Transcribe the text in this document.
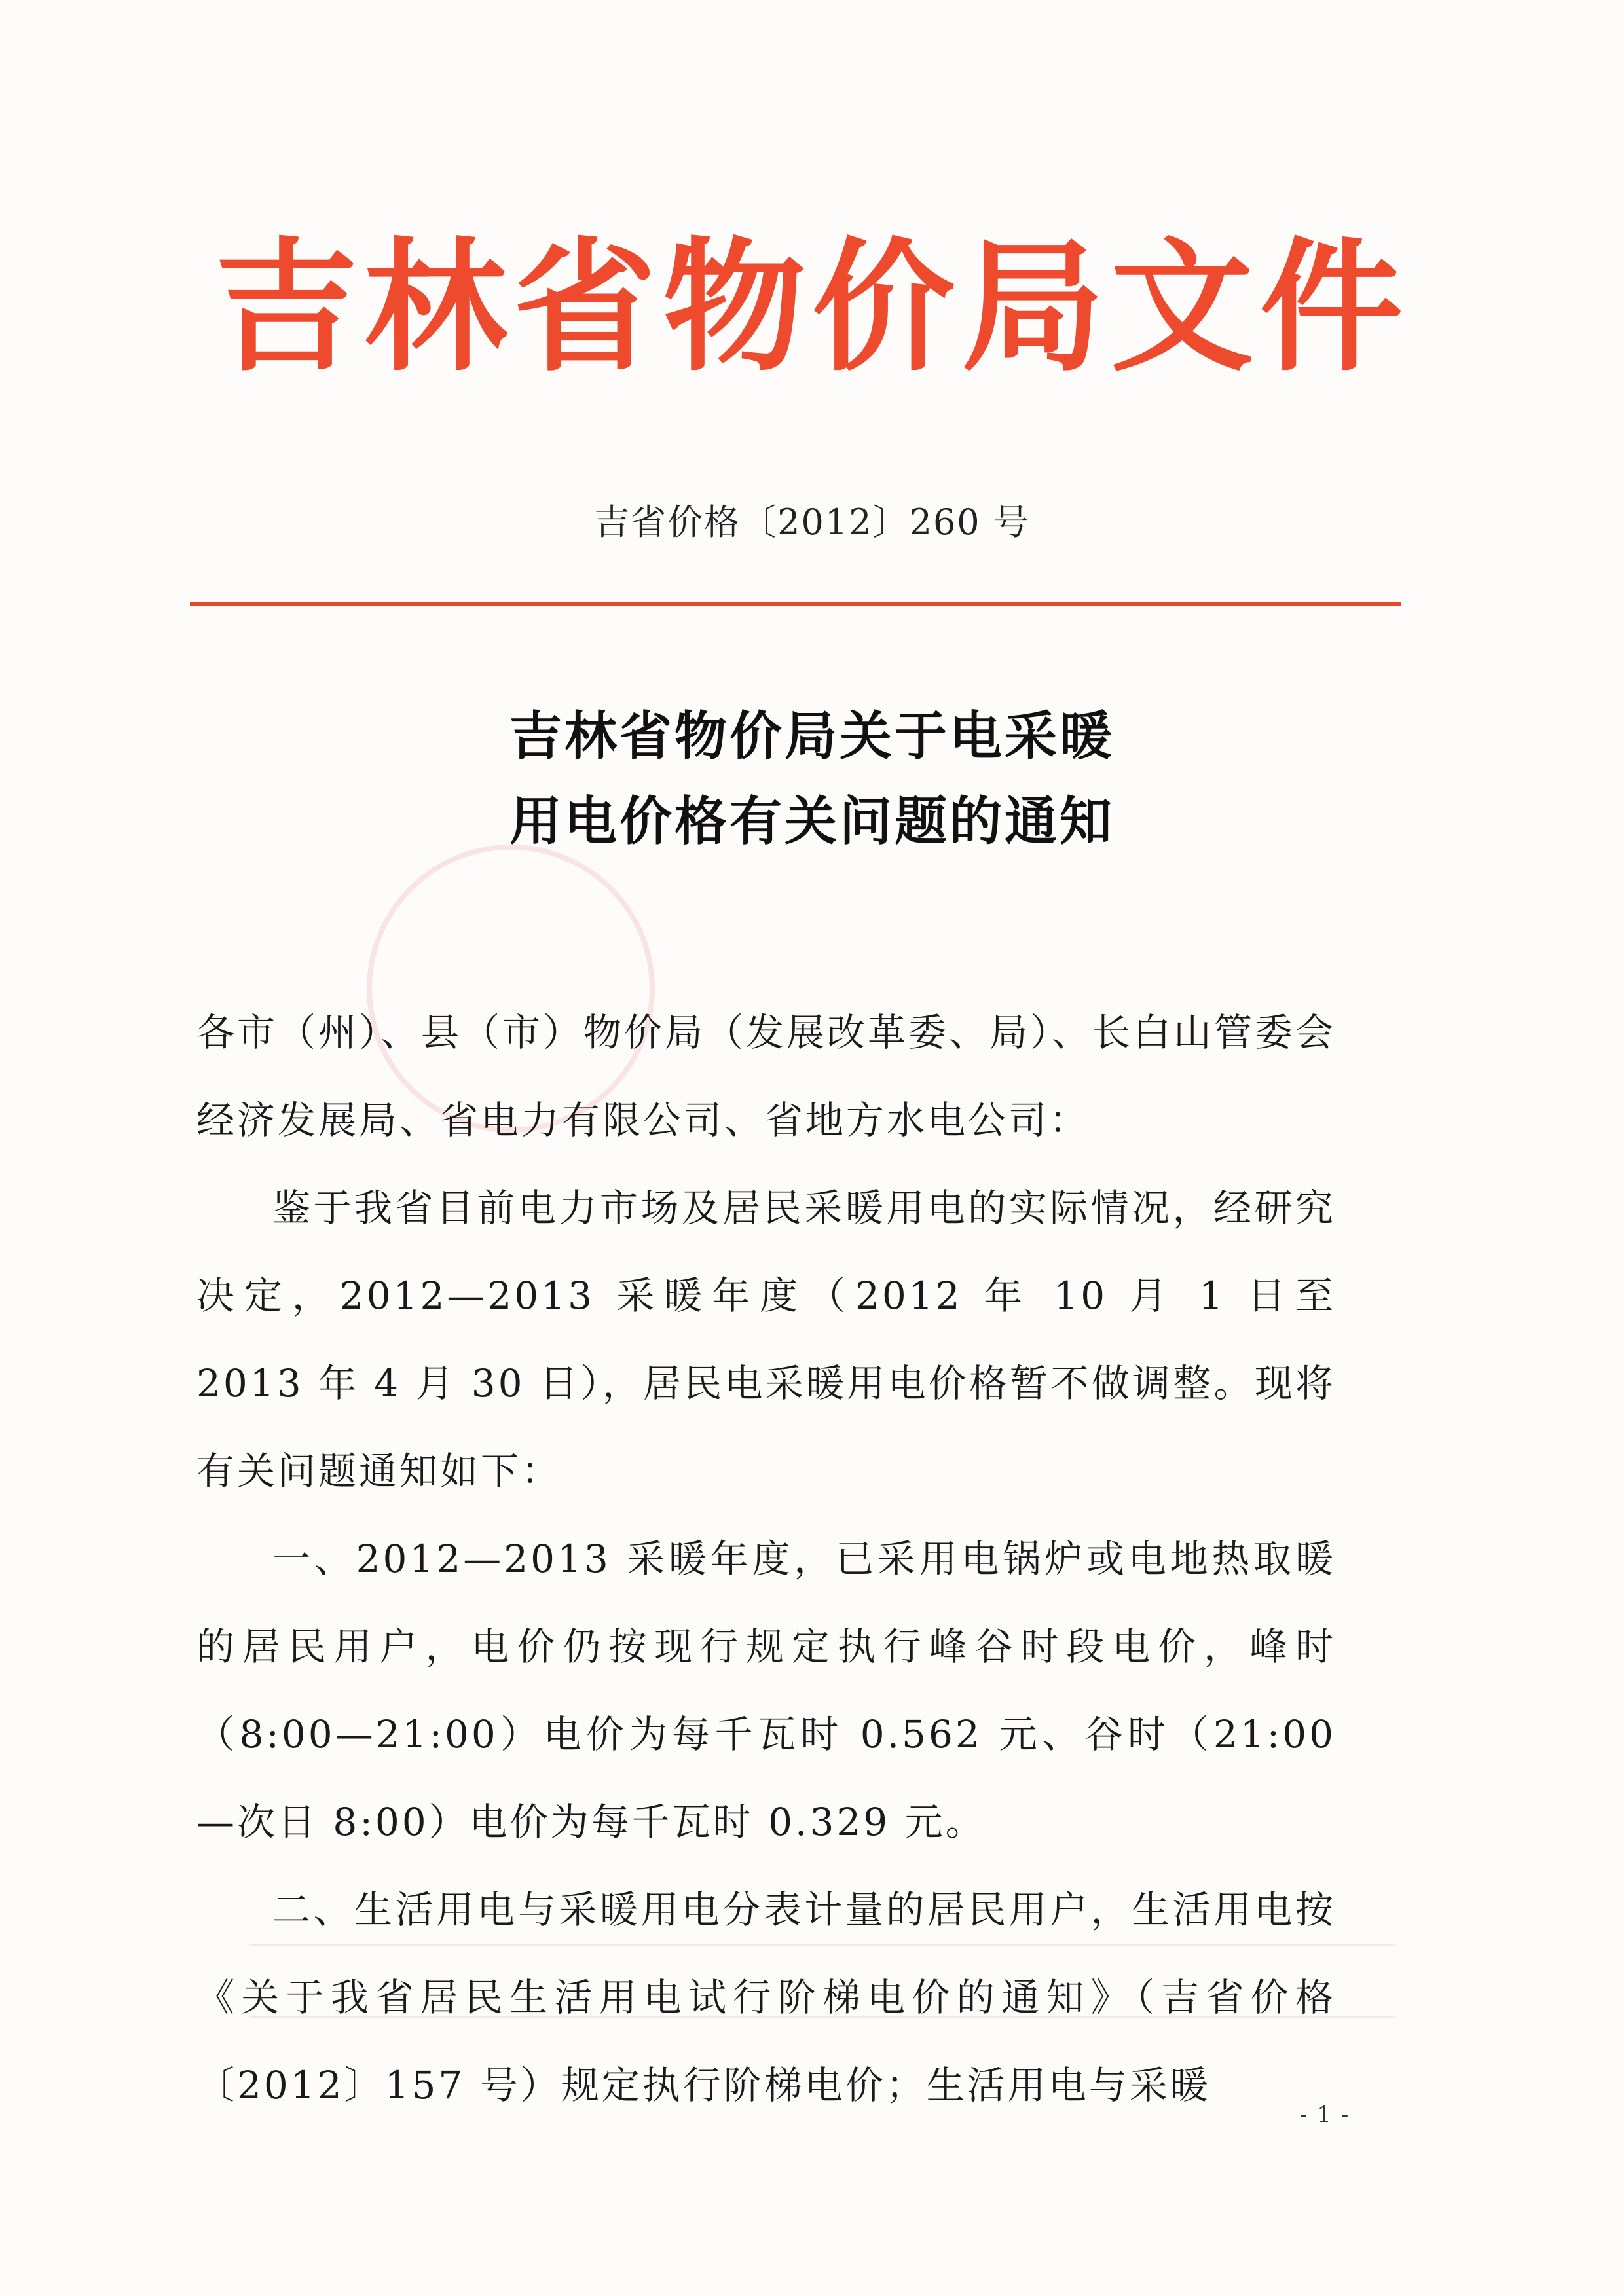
吉林省物价局文件
吉省价格〔2012〕260 号
吉林省物价局关于电采暖
用电价格有关问题的通知

各市（州）、县（市）物价局（发展改革委、局）、长白山管委会经济发展局、省电力有限公司、省地方水电公司：

鉴于我省目前电力市场及居民采暖用电的实际情况，经研究决定，2012—2013 采暖年度（2012 年 10 月 1 日至 2013 年 4 月 30 日），居民电采暖用电价格暂不做调整。现将有关问题通知如下：

一、2012—2013 采暖年度，已采用电锅炉或电地热取暖的居民用户，电价仍按现行规定执行峰谷时段电价，峰时（8:00—21:00）电价为每千瓦时 0.562 元、谷时（21:00—次日 8:00）电价为每千瓦时 0.329 元。

二、生活用电与采暖用电分表计量的居民用户，生活用电按《关于我省居民生活用电试行阶梯电价的通知》（吉省价格〔2012〕157 号）规定执行阶梯电价；生活用电与采暖

- 1 -
